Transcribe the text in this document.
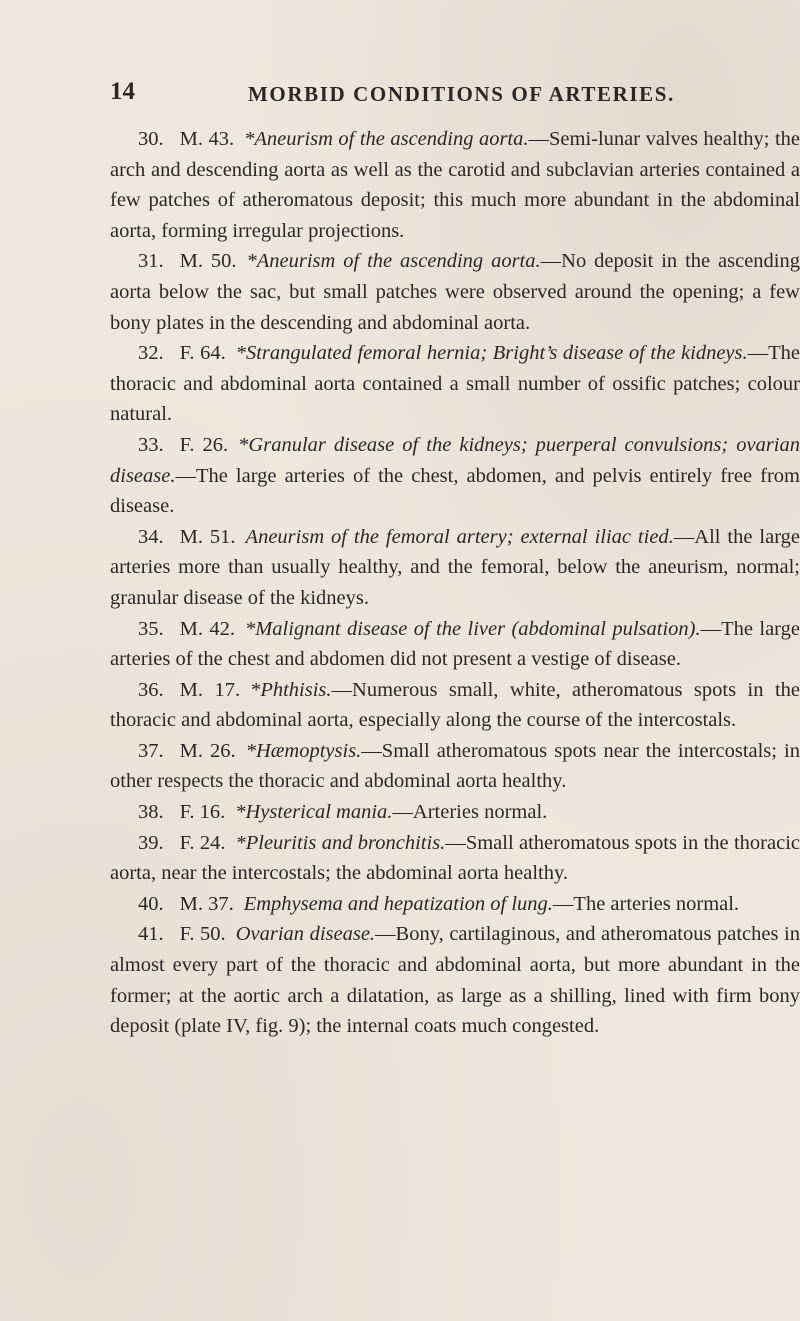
14	MORBID CONDITIONS OF ARTERIES.

30. M. 43. *Aneurism of the ascending aorta.—Semi-lunar valves healthy; the arch and descending aorta as well as the carotid and subclavian arteries contained a few patches of atheromatous deposit; this much more abundant in the abdominal aorta, forming irregular projections.

31. M. 50. *Aneurism of the ascending aorta.—No deposit in the ascending aorta below the sac, but small patches were observed around the opening; a few bony plates in the descending and abdominal aorta.

32. F. 64. *Strangulated femoral hernia; Bright’s disease of the kidneys.—The thoracic and abdominal aorta contained a small number of ossific patches; colour natural.

33. F. 26. *Granular disease of the kidneys; puerperal convulsions; ovarian disease.—The large arteries of the chest, abdomen, and pelvis entirely free from disease.

34. M. 51. Aneurism of the femoral artery; external iliac tied.—All the large arteries more than usually healthy, and the femoral, below the aneurism, normal; granular disease of the kidneys.

35. M. 42. *Malignant disease of the liver (abdominal pulsation).—The large arteries of the chest and abdomen did not present a vestige of disease.

36. M. 17. *Phthisis.—Numerous small, white, atheromatous spots in the thoracic and abdominal aorta, especially along the course of the intercostals.

37. M. 26. *Hæmoptysis.—Small atheromatous spots near the intercostals; in other respects the thoracic and abdominal aorta healthy.

38. F. 16. *Hysterical mania.—Arteries normal.

39. F. 24. *Pleuritis and bronchitis.—Small atheromatous spots in the thoracic aorta, near the intercostals; the abdominal aorta healthy.

40. M. 37. Emphysema and hepatization of lung.—The arteries normal.

41. F. 50. Ovarian disease.—Bony, cartilaginous, and atheromatous patches in almost every part of the thoracic and abdominal aorta, but more abundant in the former; at the aortic arch a dilatation, as large as a shilling, lined with firm bony deposit (plate IV, fig. 9); the internal coats much congested.
